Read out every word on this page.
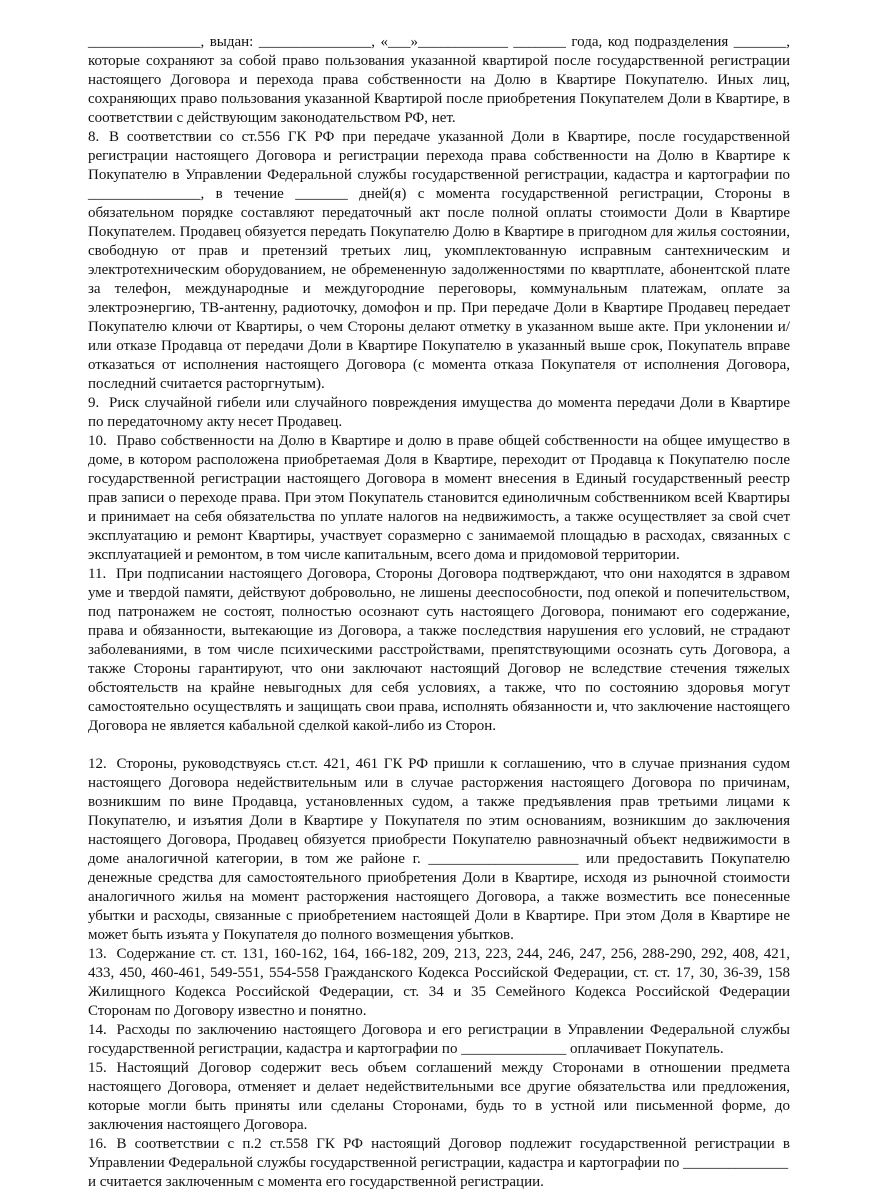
_______________, выдан: _______________, «___»____________ _______ года, код подразделения _______, которые сохраняют за собой право пользования указанной квартирой после государственной регистрации настоящего Договора и перехода права собственности на Долю в Квартире Покупателю. Иных лиц, сохраняющих право пользования указанной Квартирой после приобретения Покупателем Доли в Квартире, в соответствии с действующим законодательством РФ, нет.

8. В соответствии со ст.556 ГК РФ при передаче указанной Доли в Квартире, после государственной регистрации настоящего Договора и регистрации перехода права собственности на Долю в Квартире к Покупателю в Управлении Федеральной службы государственной регистрации, кадастра и картографии по _______________, в течение _______ дней(я) с момента государственной регистрации, Стороны в обязательном порядке составляют передаточный акт после полной оплаты стоимости Доли в Квартире Покупателем. Продавец обязуется передать Покупателю Долю в Квартире в пригодном для жилья состоянии, свободную от прав и претензий третьих лиц, укомплектованную исправным сантехническим и электротехническим оборудованием, не обремененную задолженностями по квартплате, абонентской плате за телефон, международные и междугородние переговоры, коммунальным платежам, оплате за электроэнергию, ТВ-антенну, радиоточку, домофон и пр. При передаче Доли в Квартире Продавец передает Покупателю ключи от Квартиры, о чем Стороны делают отметку в указанном выше акте. При уклонении и/или отказе Продавца от передачи Доли в Квартире Покупателю в указанный выше срок, Покупатель вправе отказаться от исполнения настоящего Договора (с момента отказа Покупателя от исполнения Договора, последний считается расторгнутым).

9. Риск случайной гибели или случайного повреждения имущества до момента передачи Доли в Квартире по передаточному акту несет Продавец.

10. Право собственности на Долю в Квартире и долю в праве общей собственности на общее имущество в доме, в котором расположена приобретаемая Доля в Квартире, переходит от Продавца к Покупателю после государственной регистрации настоящего Договора в момент внесения в Единый государственный реестр прав записи о переходе права. При этом Покупатель становится единоличным собственником всей Квартиры и принимает на себя обязательства по уплате налогов на недвижимость, а также осуществляет за свой счет эксплуатацию и ремонт Квартиры, участвует соразмерно с занимаемой площадью в расходах, связанных с эксплуатацией и ремонтом, в том числе капитальным, всего дома и придомовой территории.

11. При подписании настоящего Договора, Стороны Договора подтверждают, что они находятся в здравом уме и твердой памяти, действуют добровольно, не лишены дееспособности, под опекой и попечительством, под патронажем не состоят, полностью осознают суть настоящего Договора, понимают его содержание, права и обязанности, вытекающие из Договора, а также последствия нарушения его условий, не страдают заболеваниями, в том числе психическими расстройствами, препятствующими осознать суть Договора, а также Стороны гарантируют, что они заключают настоящий Договор не вследствие стечения тяжелых обстоятельств на крайне невыгодных для себя условиях, а также, что по состоянию здоровья могут самостоятельно осуществлять и защищать свои права, исполнять обязанности и, что заключение настоящего Договора не является кабальной сделкой какой-либо из Сторон.

12. Стороны, руководствуясь ст.ст. 421, 461 ГК РФ пришли к соглашению, что в случае признания судом настоящего Договора недействительным или в случае расторжения настоящего Договора по причинам, возникшим по вине Продавца, установленных судом, а также предъявления прав третьими лицами к Покупателю, и изъятия Доли в Квартире у Покупателя по этим основаниям, возникшим до заключения настоящего Договора, Продавец обязуется приобрести Покупателю равнозначный объект недвижимости в доме аналогичной категории, в том же районе г. ____________________ или предоставить Покупателю денежные средства для самостоятельного приобретения Доли в Квартире, исходя из рыночной стоимости аналогичного жилья на момент расторжения настоящего Договора, а также возместить все понесенные убытки и расходы, связанные с приобретением настоящей Доли в Квартире. При этом Доля в Квартире не может быть изъята у Покупателя до полного возмещения убытков.

13. Содержание ст. ст. 131, 160-162, 164, 166-182, 209, 213, 223, 244, 246, 247, 256, 288-290, 292, 408, 421, 433, 450, 460-461, 549-551, 554-558 Гражданского Кодекса Российской Федерации, ст. ст. 17, 30, 36-39, 158 Жилищного Кодекса Российской Федерации, ст. 34 и 35 Семейного Кодекса Российской Федерации Сторонам по Договору известно и понятно.

14. Расходы по заключению настоящего Договора и его регистрации в Управлении Федеральной службы государственной регистрации, кадастра и картографии по ______________ оплачивает Покупатель.

15. Настоящий Договор содержит весь объем соглашений между Сторонами в отношении предмета настоящего Договора, отменяет и делает недействительными все другие обязательства или предложения, которые могли быть приняты или сделаны Сторонами, будь то в устной или письменной форме, до заключения настоящего Договора.

16. В соответствии с п.2 ст.558 ГК РФ настоящий Договор подлежит государственной регистрации в Управлении Федеральной службы государственной регистрации, кадастра и картографии по ______________

и считается заключенным с момента его государственной регистрации.
